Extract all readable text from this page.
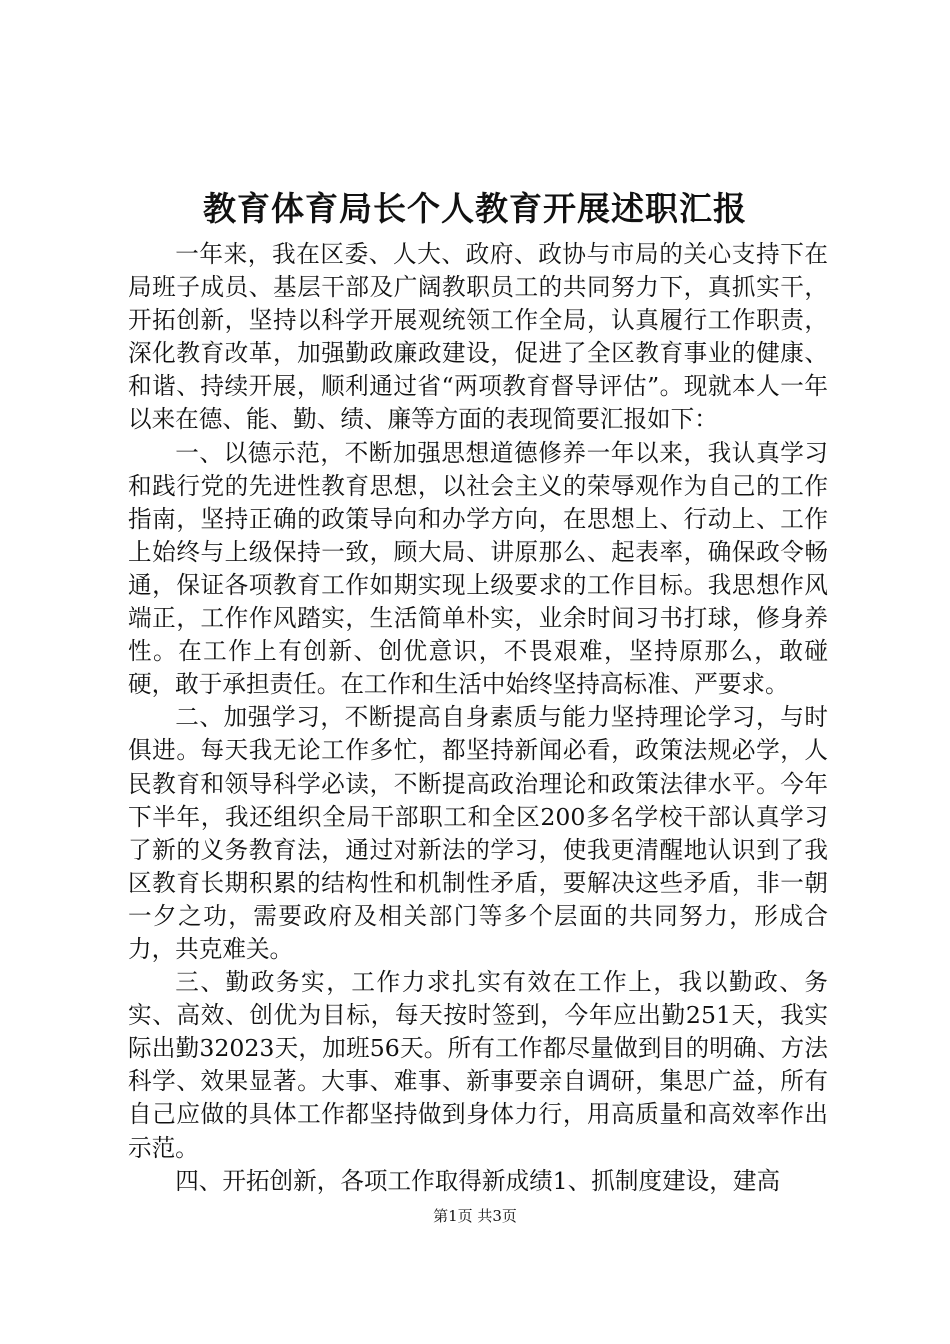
教育体育局长个人教育开展述职汇报

一年来，我在区委、人大、政府、政协与市局的关心支持下在局班子成员、基层干部及广阔教职员工的共同努力下，真抓实干，开拓创新，坚持以科学开展观统领工作全局，认真履行工作职责，深化教育改革，加强勤政廉政建设，促进了全区教育事业的健康、和谐、持续开展，顺利通过省“两项教育督导评估”。现就本人一年以来在德、能、勤、绩、廉等方面的表现简要汇报如下：

一、以德示范，不断加强思想道德修养一年以来，我认真学习和践行党的先进性教育思想，以社会主义的荣辱观作为自己的工作指南，坚持正确的政策导向和办学方向，在思想上、行动上、工作上始终与上级保持一致，顾大局、讲原那么、起表率，确保政令畅通，保证各项教育工作如期实现上级要求的工作目标。我思想作风端正，工作作风踏实，生活简单朴实，业余时间习书打球，修身养性。在工作上有创新、创优意识，不畏艰难，坚持原那么，敢碰硬，敢于承担责任。在工作和生活中始终坚持高标准、严要求。

二、加强学习，不断提高自身素质与能力坚持理论学习，与时俱进。每天我无论工作多忙，都坚持新闻必看，政策法规必学，人民教育和领导科学必读，不断提高政治理论和政策法律水平。今年下半年，我还组织全局干部职工和全区200多名学校干部认真学习了新的义务教育法，通过对新法的学习，使我更清醒地认识到了我区教育长期积累的结构性和机制性矛盾，要解决这些矛盾，非一朝一夕之功，需要政府及相关部门等多个层面的共同努力，形成合力，共克难关。

三、勤政务实，工作力求扎实有效在工作上，我以勤政、务实、高效、创优为目标，每天按时签到，今年应出勤251天，我实际出勤32023天，加班56天。所有工作都尽量做到目的明确、方法科学、效果显著。大事、难事、新事要亲自调研，集思广益，所有自己应做的具体工作都坚持做到身体力行，用高质量和高效率作出示范。

四、开拓创新，各项工作取得新成绩1、抓制度建设，建高

第1页 共3页
